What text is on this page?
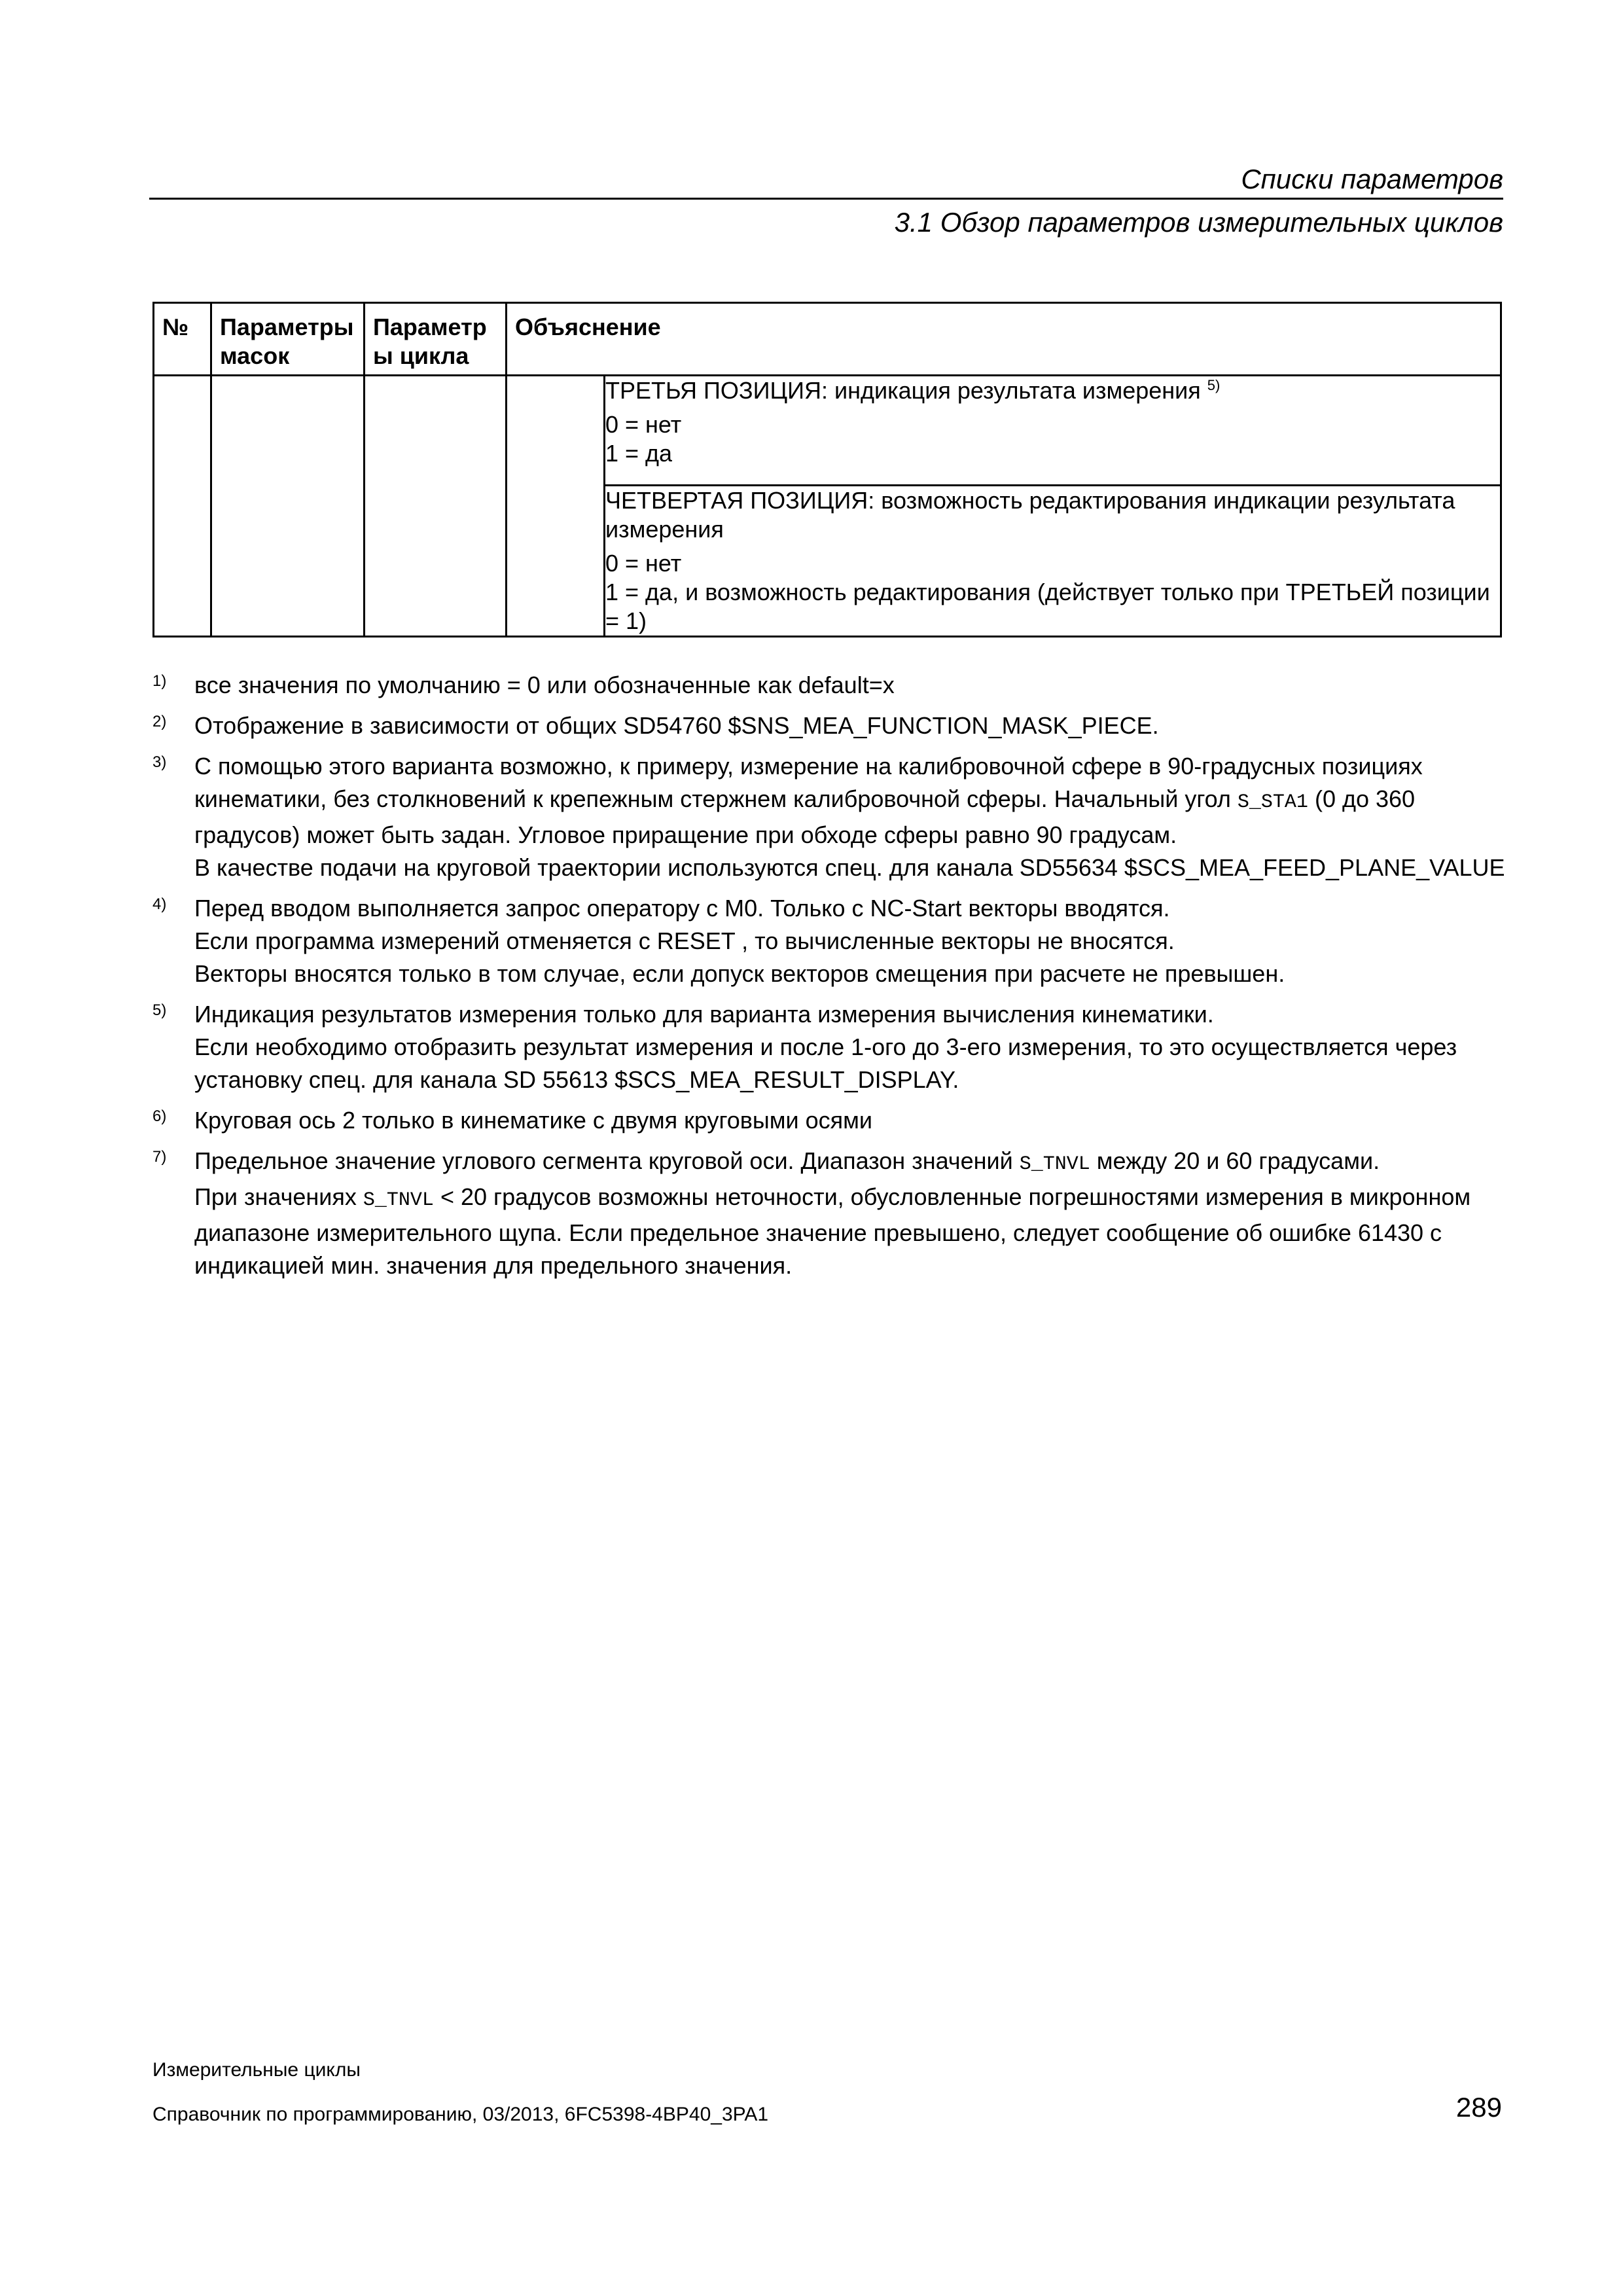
Списки параметров
3.1 Обзор параметров измерительных циклов
№	Параметры масок	Параметр ы цикла	Объяснение	

				ТРЕТЬЯ ПОЗИЦИЯ: индикация результата измерения $^{5)}$

0 = нет

1 = да

				ЧЕТВЕРТАЯ ПОЗИЦИЯ: возможность редактирования индикации результата измерения

0 = нет

1 = да, и возможность редактирования (действует только при ТРЕТЬЕЙ позиции = 1)

1) все значения по умолчанию = 0 или обозначенные как default=x
2) Отображение в зависимости от общих SD54760 $SNS_MEA_FUNCTION_MASK_PIECE.
3) С помощью этого варианта возможно, к примеру, измерение на калибровочной сфере в 90-градусных позициях кинематики, без столкновений к крепежным стержнем калибровочной сферы. Начальный угол S_STA1 (0 до 360 градусов) может быть задан. Угловое приращение при обходе сферы равно 90 градусам.
В качестве подачи на круговой траектории используются спец. для канала SD55634 $SCS_MEA_FEED_PLANE_VALUE
4) Перед вводом выполняется запрос оператору с M0. Только с NC-Start векторы вводятся.
Если программа измерений отменяется с RESET , то вычисленные векторы не вносятся.
Векторы вносятся только в том случае, если допуск векторов смещения при расчете не превышен.
5) Индикация результатов измерения только для варианта измерения вычисления кинематики.
Если необходимо отобразить результат измерения и после 1-ого до 3-его измерения, то это осуществляется через установку спец. для канала SD 55613 $SCS_MEA_RESULT_DISPLAY.
6) Круговая ось 2 только в кинематике с двумя круговыми осями
7) Предельное значение углового сегмента круговой оси. Диапазон значений S_TNVL между 20 и 60 градусами.
При значениях S_TNVL < 20 градусов возможны неточности, обусловленные погрешностями измерения в микронном диапазоне измерительного щупа. Если предельное значение превышено, следует сообщение об ошибке 61430 с индикацией мин. значения для предельного значения.
Измерительные циклы
Справочник по программированию, 03/2013, 6FC5398-4BP40_3PA1	289
